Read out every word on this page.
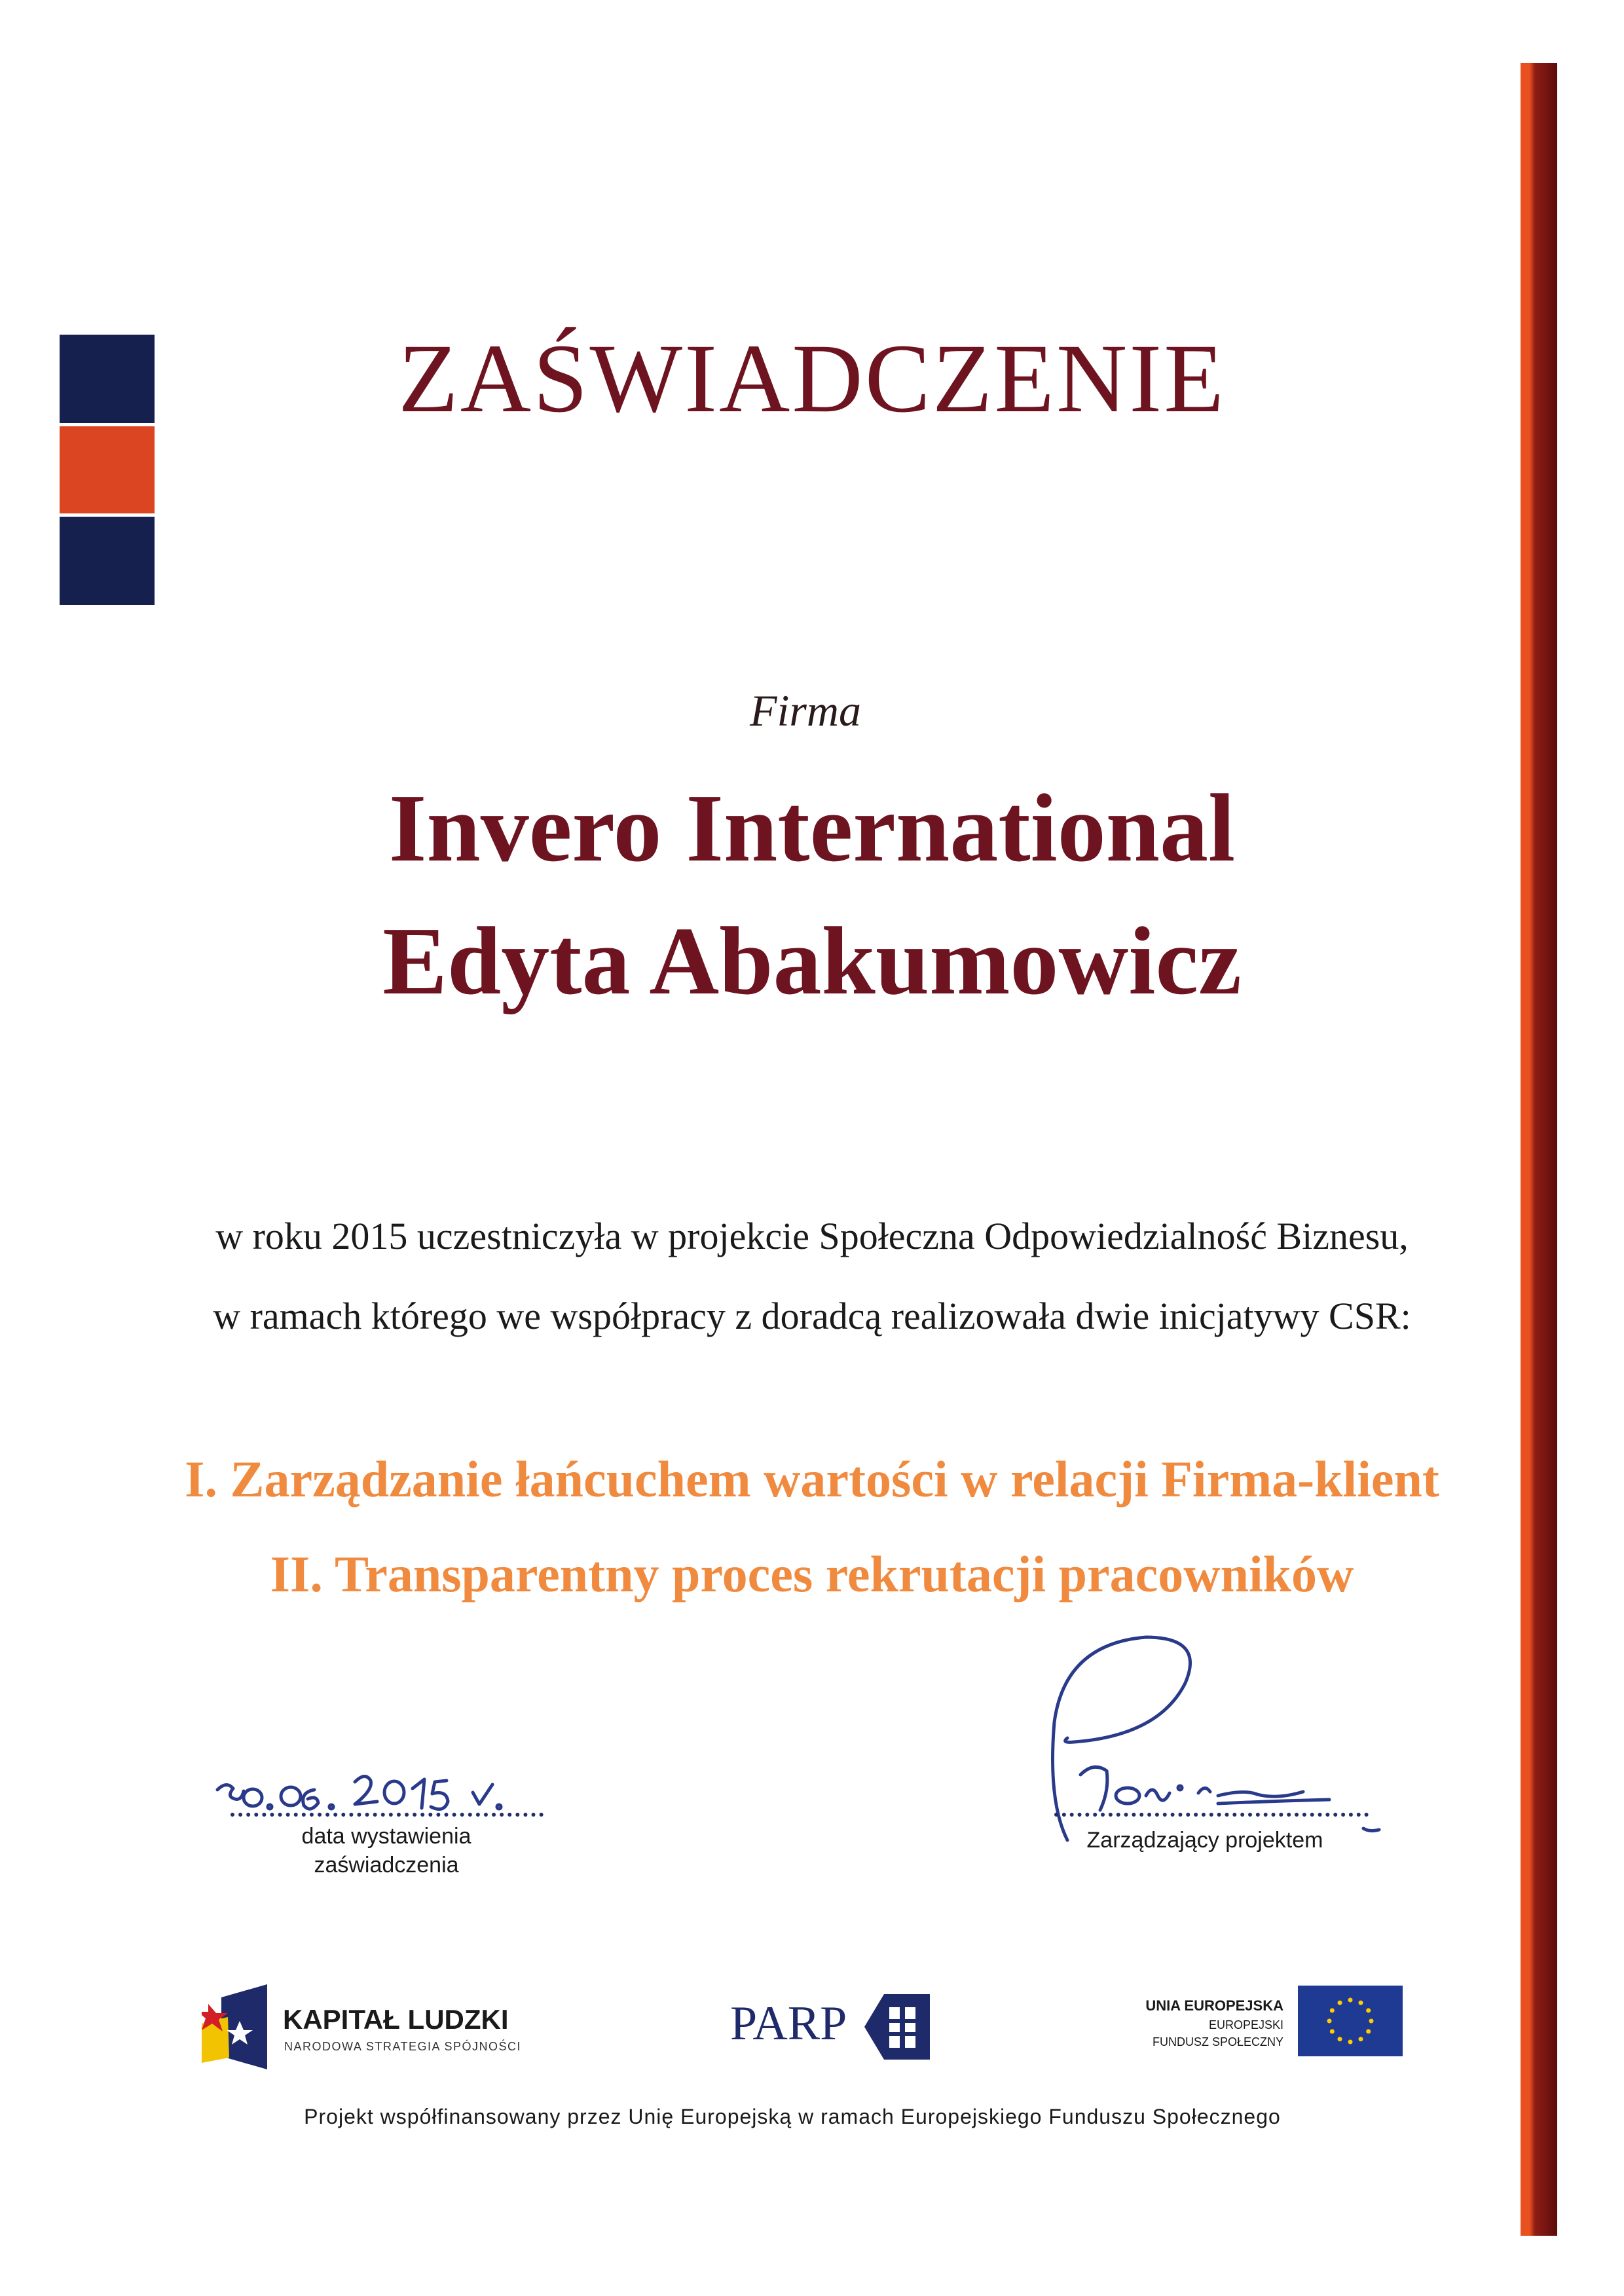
ZAŚWIADCZENIE

Firma

Invero International

Edyta Abakumowicz

w roku 2015 uczestniczyła w projekcie Społeczna Odpowiedzialność Biznesu,

w ramach którego we współpracy z doradcą realizowała dwie inicjatywy CSR:

I. Zarządzanie łańcuchem wartości w relacji Firma-klient

II. Transparentny proces rekrutacji pracowników

data wystawienia
zaświadczenia

Zarządzający projektem

KAPITAŁ LUDZKI

NARODOWA STRATEGIA SPÓJNOŚCI	PARP	UNIA EUROPEJSKA

EUROPEJSKI

FUNDUSZ SPOŁECZNY

Projekt współfinansowany przez Unię Europejską w ramach Europejskiego Funduszu Społecznego
